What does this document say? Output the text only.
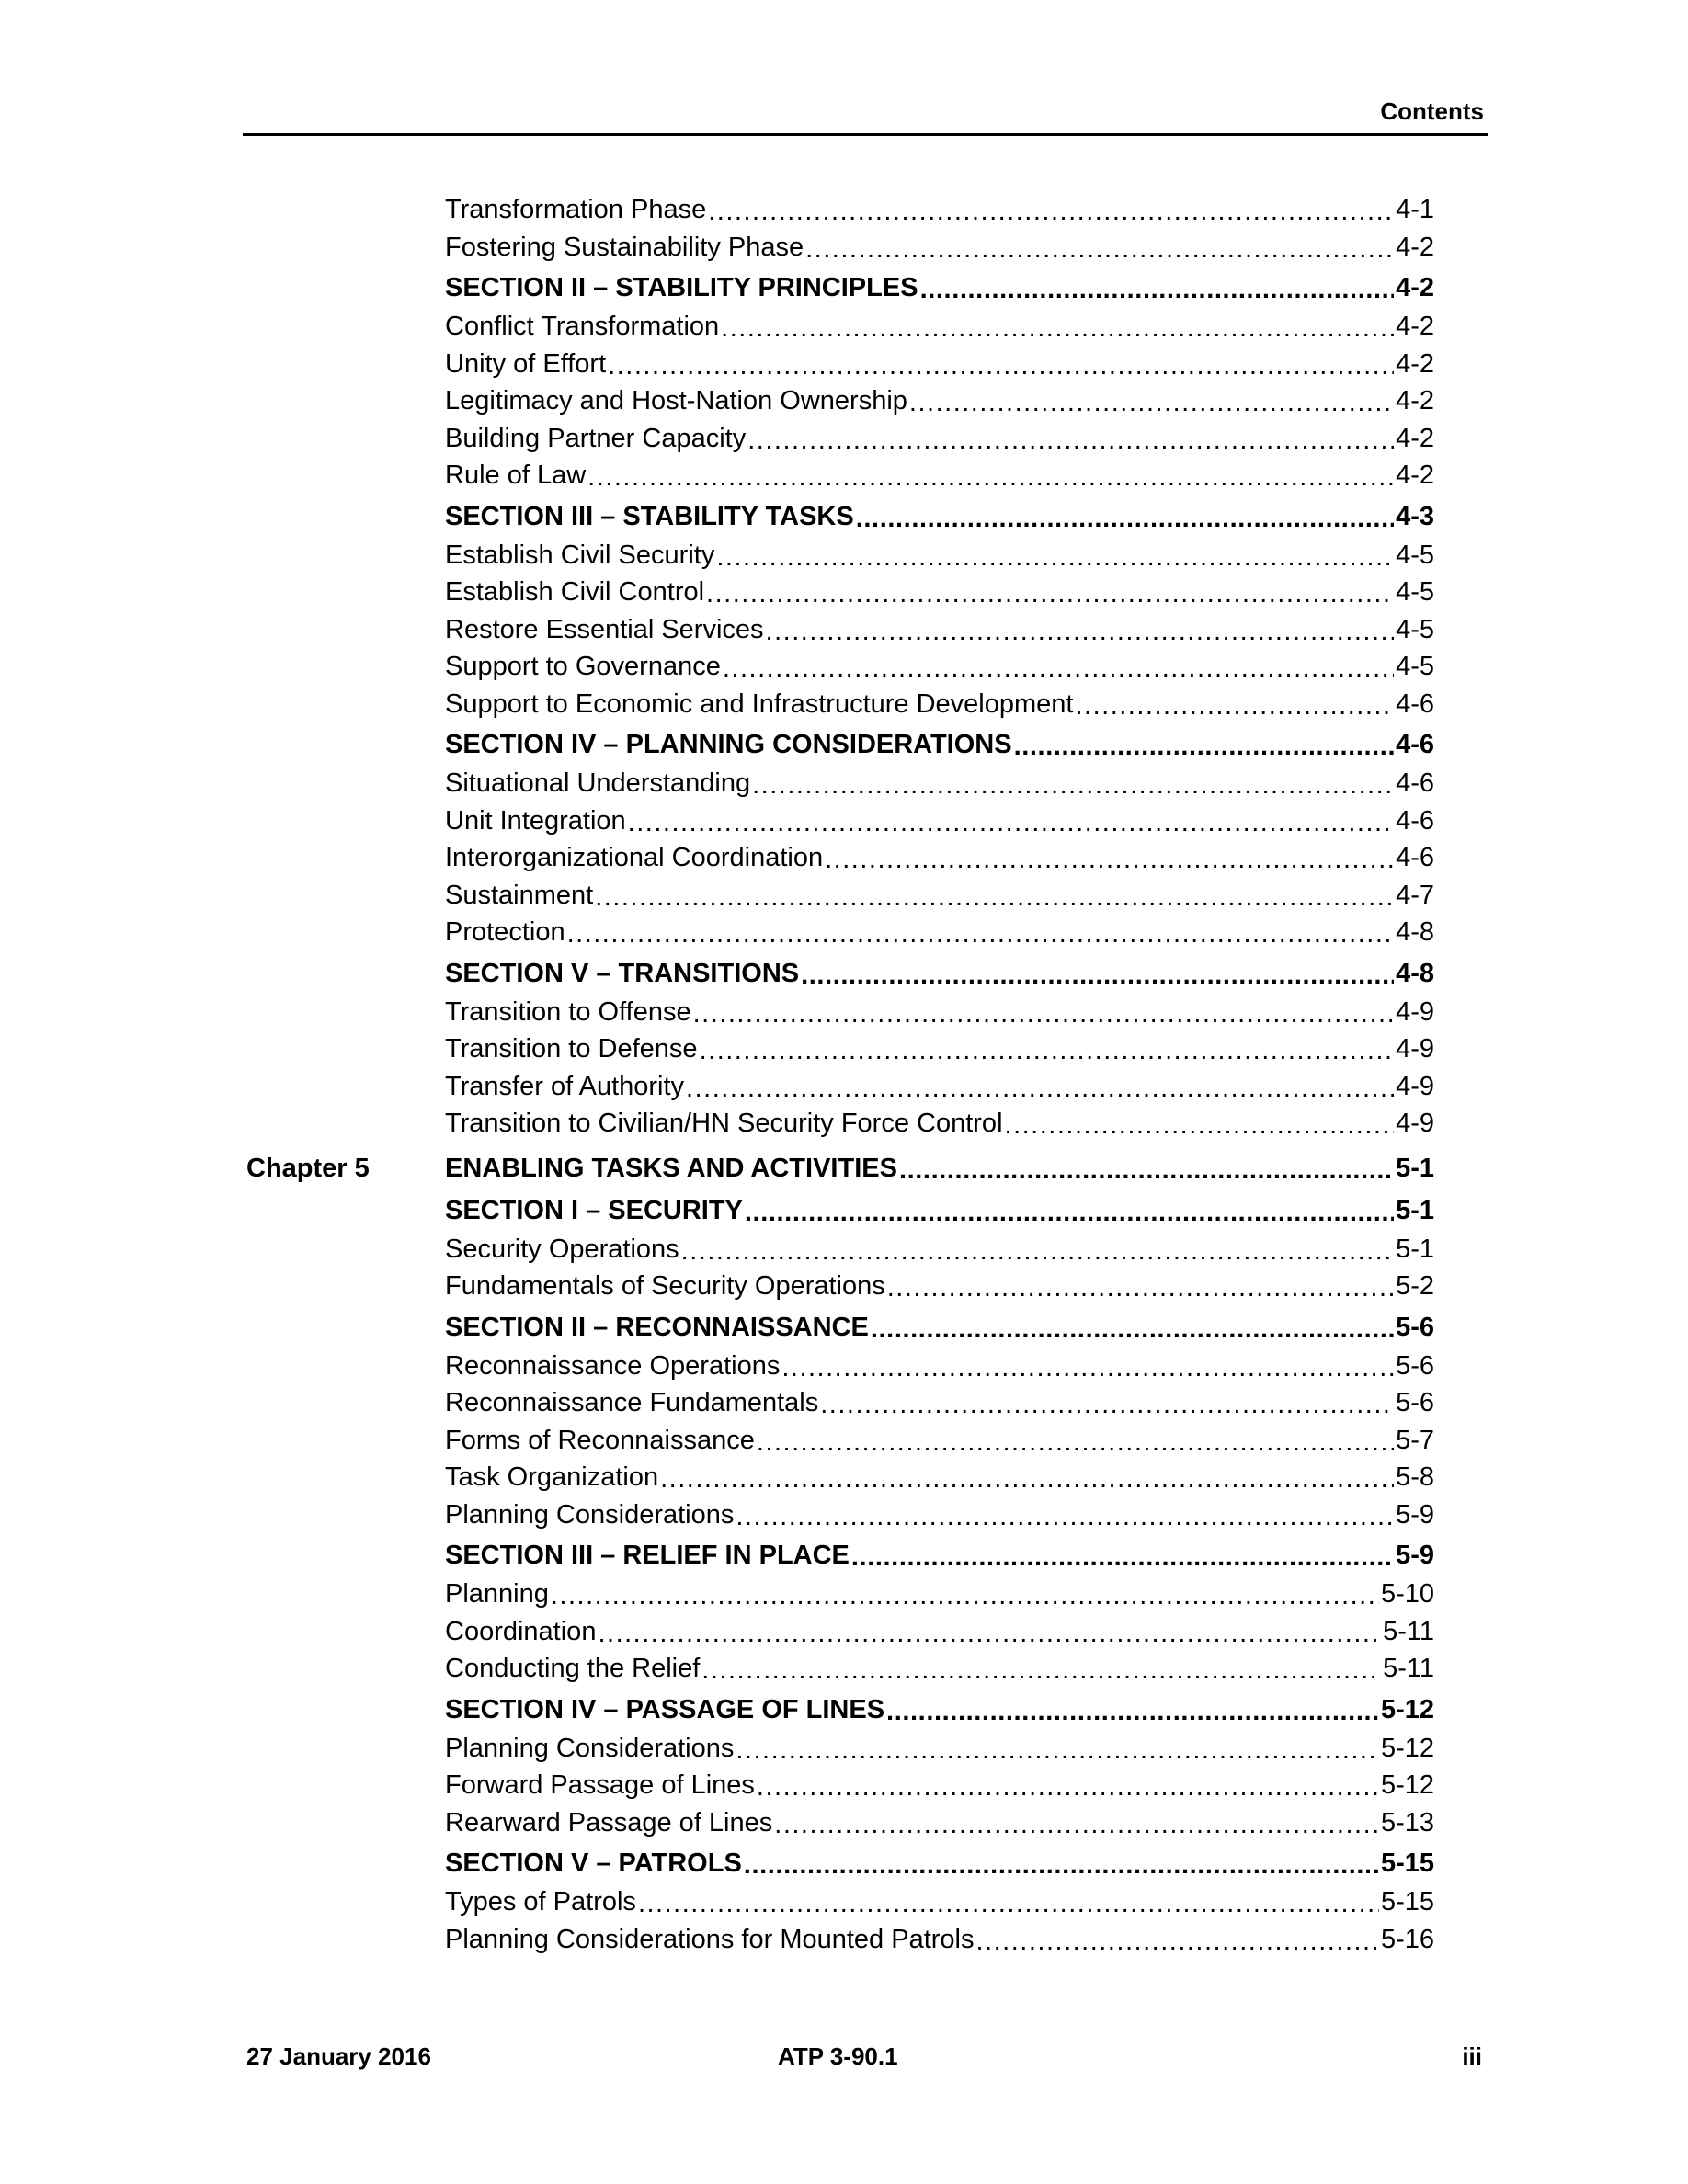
Contents
Transformation Phase .....	4-1
Fostering Sustainability Phase .....	4-2
SECTION II – STABILITY PRINCIPLES .....	4-2
Conflict Transformation .....	4-2
Unity of Effort .....	4-2
Legitimacy and Host-Nation Ownership .....	4-2
Building Partner Capacity .....	4-2
Rule of Law .....	4-2
SECTION III – STABILITY TASKS .....	4-3
Establish Civil Security .....	4-5
Establish Civil Control .....	4-5
Restore Essential Services .....	4-5
Support to Governance .....	4-5
Support to Economic and Infrastructure Development .....	4-6
SECTION IV – PLANNING CONSIDERATIONS .....	4-6
Situational Understanding .....	4-6
Unit Integration .....	4-6
Interorganizational Coordination .....	4-6
Sustainment .....	4-7
Protection .....	4-8
SECTION V – TRANSITIONS .....	4-8
Transition to Offense .....	4-9
Transition to Defense .....	4-9
Transfer of Authority .....	4-9
Transition to Civilian/HN Security Force Control .....	4-9
Chapter 5	ENABLING TASKS AND ACTIVITIES .....	5-1
SECTION I – SECURITY .....	5-1
Security Operations .....	5-1
Fundamentals of Security Operations .....	5-2
SECTION II – RECONNAISSANCE .....	5-6
Reconnaissance Operations .....	5-6
Reconnaissance Fundamentals .....	5-6
Forms of Reconnaissance .....	5-7
Task Organization .....	5-8
Planning Considerations .....	5-9
SECTION III – RELIEF IN PLACE .....	5-9
Planning .....	5-10
Coordination .....	5-11
Conducting the Relief .....	5-11
SECTION IV – PASSAGE OF LINES .....	5-12
Planning Considerations .....	5-12
Forward Passage of Lines .....	5-12
Rearward Passage of Lines .....	5-13
SECTION V – PATROLS .....	5-15
Types of Patrols .....	5-15
Planning Considerations for Mounted Patrols .....	5-16
27 January 2016	ATP 3-90.1	iii
